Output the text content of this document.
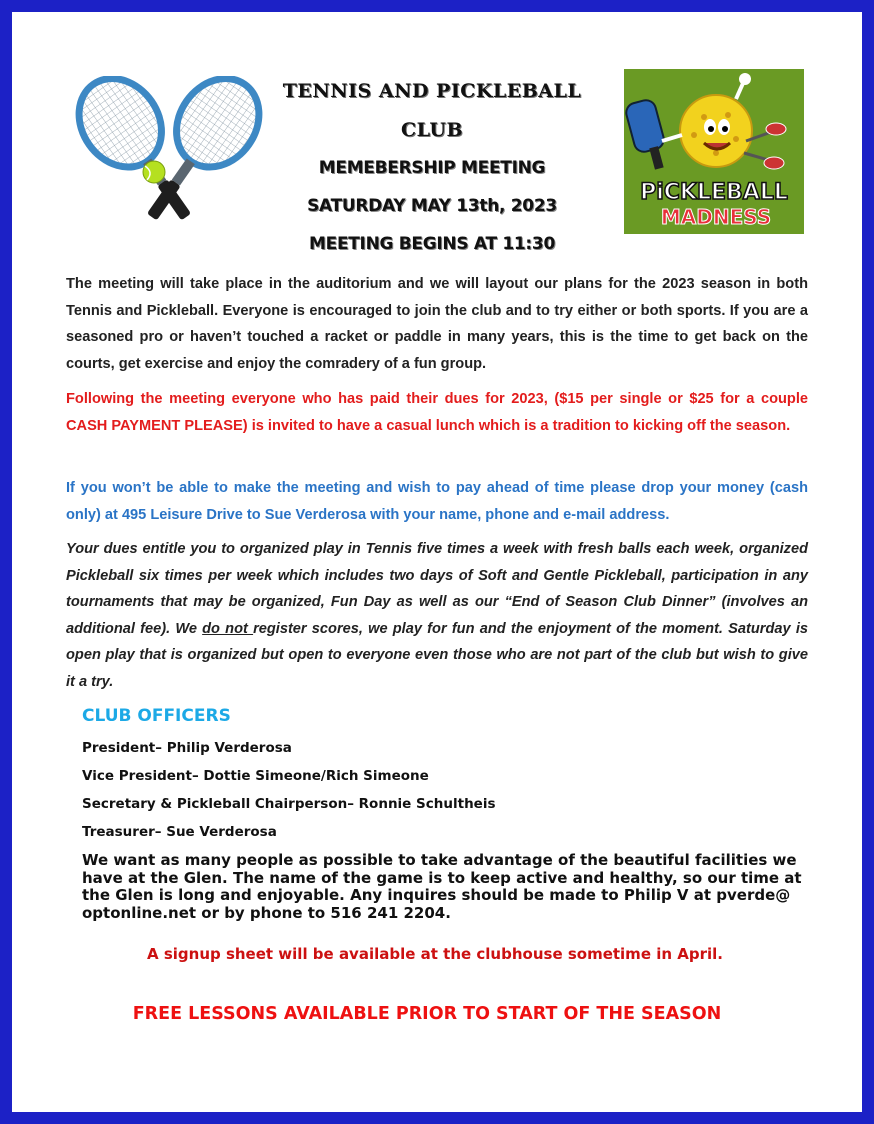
TENNIS AND PICKLEBALL
CLUB
MEMEBERSHIP MEETING
SATURDAY MAY 13th, 2023
MEETING BEGINS AT 11:30
PiCKLEBALL
MADNESS

The meeting will take place in the auditorium and we will layout our plans for the 2023 season in both Tennis and Pickleball. Everyone is encouraged to join the club and to try either or both sports. If you are a seasoned pro or haven’t touched a racket or paddle in many years, this is the time to get back on the courts, get exercise and enjoy the comradery of a fun group.

Following the meeting everyone who has paid their dues for 2023, ($15 per single or $25 for a couple CASH PAYMENT PLEASE) is invited to have a casual lunch which is a tradition to kicking off the season.

If you won’t be able to make the meeting and wish to pay ahead of time please drop your money (cash only) at 495 Leisure Drive to Sue Verderosa with your name, phone and e-mail address.

Your dues entitle you to organized play in Tennis five times a week with fresh balls each week, organized Pickleball six times per week which includes two days of Soft and Gentle Pickleball, participation in any tournaments that may be organized, Fun Day as well as our “End of Season Club Dinner” (involves an additional fee). We do not register scores, we play for fun and the enjoyment of the moment. Saturday is open play that is organized but open to everyone even those who are not part of the club but wish to give it a try.

CLUB OFFICERS
President– Philip Verderosa
Vice President– Dottie Simeone/Rich Simeone
Secretary & Pickleball Chairperson– Ronnie Schultheis
Treasurer– Sue Verderosa

We want as many people as possible to take advantage of the beautiful facilities we have at the Glen. The name of the game is to keep active and healthy, so our time at the Glen is long and enjoyable. Any inquires should be made to Philip V at pverde@ optonline.net or by phone to 516 241 2204.

A signup sheet will be available at the clubhouse sometime in April.
FREE LESSONS AVAILABLE PRIOR TO START OF THE SEASON
